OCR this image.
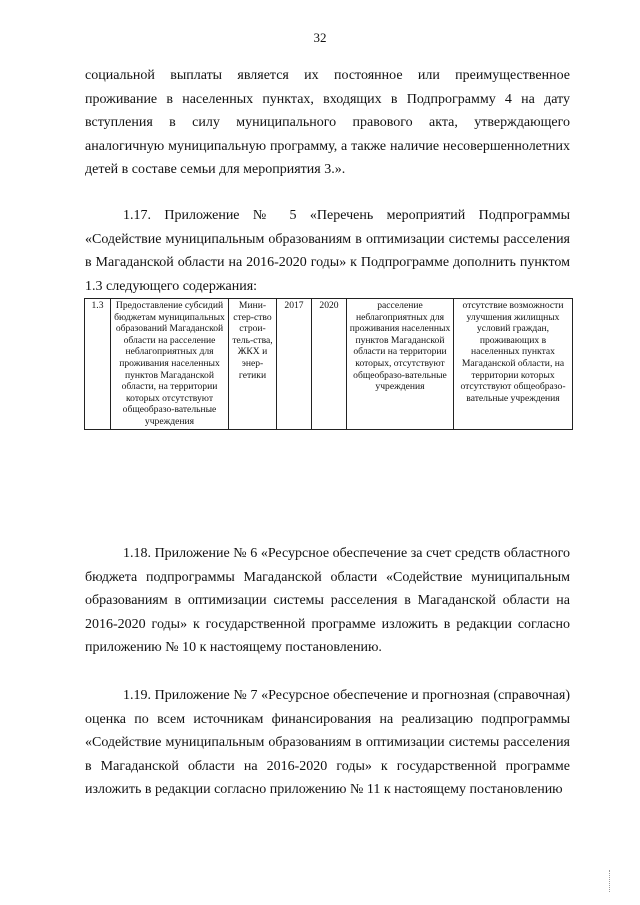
32

социальной выплаты является их постоянное или преимущественное проживание в населенных пунктах, входящих в Подпрограмму 4 на дату вступления в силу муниципального правового акта, утверждающего аналогичную муниципальную программу, а также наличие несовершеннолетних детей в составе семьи для мероприятия 3.».

1.17. Приложение № 5 «Перечень мероприятий Подпрограммы «Содействие муниципальным образованиям в оптимизации системы расселения в Магаданской области на 2016-2020 годы» к Подпрограмме дополнить пунктом 1.3 следующего содержания:

1.3	Предоставление субсидий бюджетам муниципальных образований Магаданской области на расселение неблагоприятных для проживания населенных пунктов Магаданской области, на территории которых отсутствуют общеобразо-вательные учреждения	Мини-стер-ство строи-тель-ства, ЖКХ и энер-гетики	2017	2020	расселение неблагоприятных для проживания населенных пунктов Магаданской области на территории которых, отсутствуют общеобразо-вательные учреждения	отсутствие возможности улучшения жилищных условий граждан, проживающих в населенных пунктах Магаданской области, на территории которых отсутствуют общеобразо-вательные учреждения

1.18. Приложение № 6 «Ресурсное обеспечение за счет средств областного бюджета подпрограммы Магаданской области «Содействие муниципальным образованиям в оптимизации системы расселения в Магаданской области на 2016-2020 годы» к государственной программе изложить в редакции согласно приложению № 10 к настоящему постановлению.

1.19. Приложение № 7 «Ресурсное обеспечение и прогнозная (справочная) оценка по всем источникам финансирования на реализацию подпрограммы «Содействие муниципальным образованиям в оптимизации системы расселения в Магаданской области на 2016-2020 годы» к государственной программе изложить в редакции согласно приложению № 11 к настоящему постановлению
